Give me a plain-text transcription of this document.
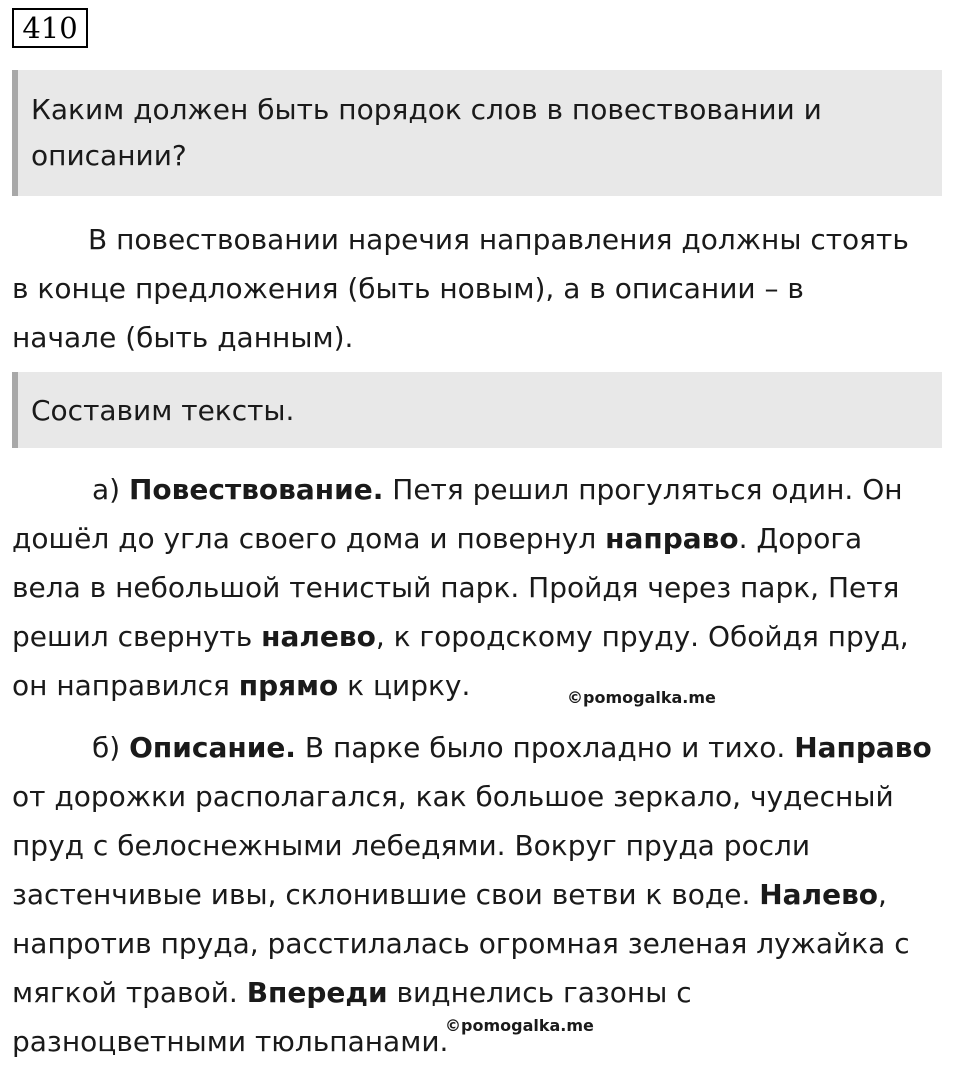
410
Каким должен быть порядок слов в повествовании и
описании?
В повествовании наречия направления должны стоять
в конце предложения (быть новым), а в описании – в
начале (быть данным).
Составим тексты.
а) Повествование. Петя решил прогуляться один. Он
дошёл до угла своего дома и повернул направо. Дорога
вела в небольшой тенистый парк. Пройдя через парк, Петя
решил свернуть налево, к городскому пруду. Обойдя пруд,
он направился прямо к цирку.	©pomogalka.me
б) Описание. В парке было прохладно и тихо. Направо
от дорожки располагался, как большое зеркало, чудесный
пруд с белоснежными лебедями. Вокруг пруда росли
застенчивые ивы, склонившие свои ветви к воде. Налево,
напротив пруда, расстилалась огромная зеленая лужайка с
мягкой травой. Впереди виднелись газоны с
разноцветными тюльпанами.
©pomogalka.me
